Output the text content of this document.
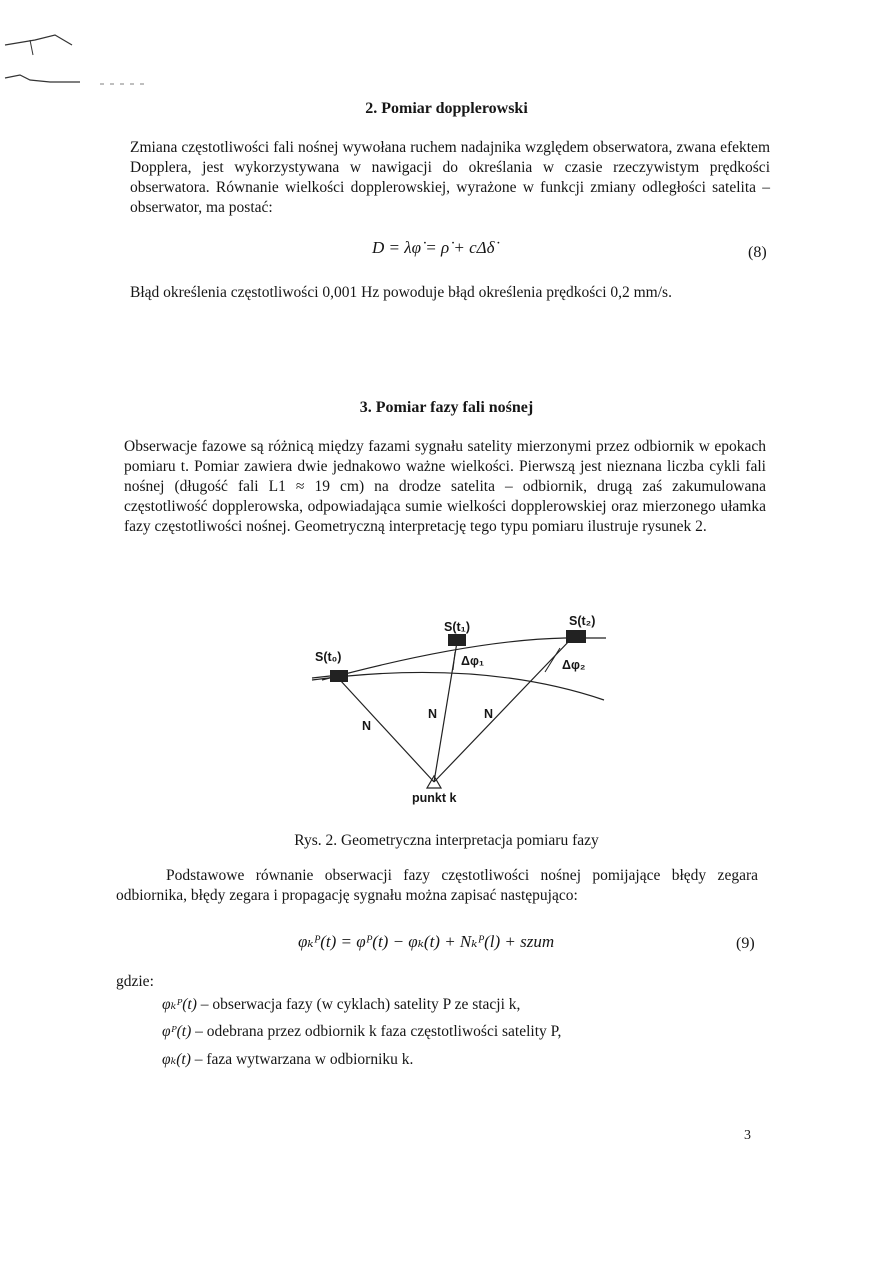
2. Pomiar dopplerowski
Zmiana częstotliwości fali nośnej wywołana ruchem nadajnika względem obserwatora, zwana efektem Dopplera, jest wykorzystywana w nawigacji do określania w czasie rzeczywistym prędkości obserwatora. Równanie wielkości dopplerowskiej, wyrażone w funkcji zmiany odległości satelita – obserwator, ma postać:
D = λφ̇ = ρ̇ + cΔδ̇	(8)
Błąd określenia częstotliwości 0,001 Hz powoduje błąd określenia prędkości 0,2 mm/s.
3. Pomiar fazy fali nośnej
Obserwacje fazowe są różnicą między fazami sygnału satelity mierzonymi przez odbiornik w epokach pomiaru t. Pomiar zawiera dwie jednakowo ważne wielkości. Pierwszą jest nieznana liczba cykli fali nośnej (długość fali L1 ≈ 19 cm) na drodze satelita – odbiornik, drugą zaś zakumulowana częstotliwość dopplerowska, odpowiadająca sumie wielkości dopplerowskiej oraz mierzonego ułamka fazy częstotliwości nośnej. Geometryczną interpretację tego typu pomiaru ilustruje rysunek 2.
S(t₁)	S(t₂)
S(t₀)	Δφ₁	Δφ₂
N
N	N
punkt k
Rys. 2. Geometryczna interpretacja pomiaru fazy
Podstawowe równanie obserwacji fazy częstotliwości nośnej pomijające błędy zegara odbiornika, błędy zegara i propagację sygnału można zapisać następująco:
φₖᴾ(t) = φᴾ(t) − φₖ(t) + Nₖᴾ(l) + szum	(9)
gdzie:
φₖᴾ(t) – obserwacja fazy (w cyklach) satelity P ze stacji k,
φᴾ(t) – odebrana przez odbiornik k faza częstotliwości satelity P,
φₖ(t) – faza wytwarzana w odbiorniku k.
3
